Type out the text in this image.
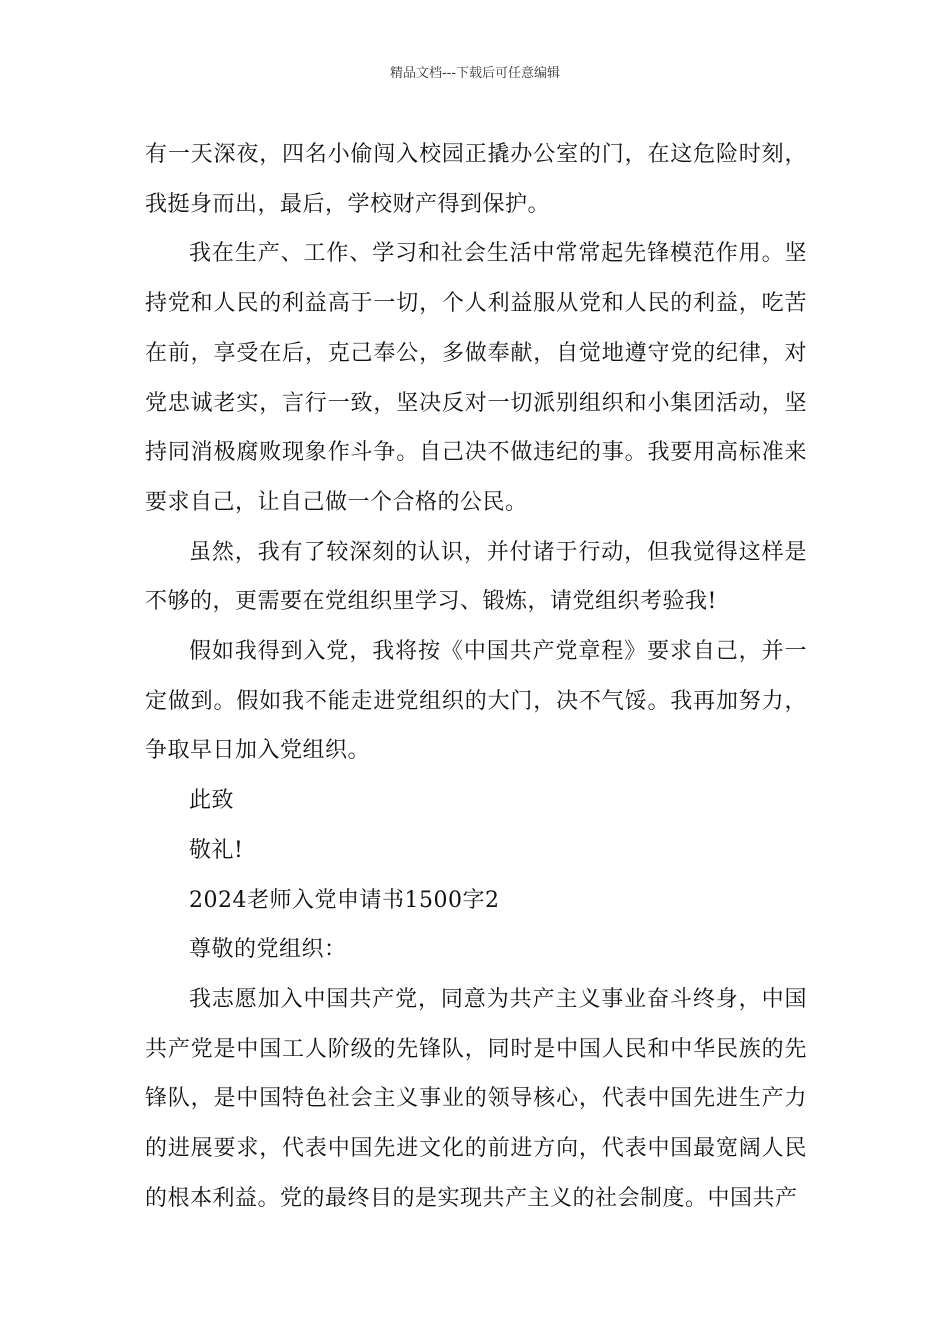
精品文档---下载后可任意编辑

有一天深夜，四名小偷闯入校园正撬办公室的门，在这危险时刻，我挺身而出，最后，学校财产得到保护。

我在生产、工作、学习和社会生活中常常起先锋模范作用。坚持党和人民的利益高于一切，个人利益服从党和人民的利益，吃苦在前，享受在后，克己奉公，多做奉献，自觉地遵守党的纪律，对党忠诚老实，言行一致，坚决反对一切派别组织和小集团活动，坚持同消极腐败现象作斗争。自己决不做违纪的事。我要用高标准来要求自己，让自己做一个合格的公民。

虽然，我有了较深刻的认识，并付诸于行动，但我觉得这样是不够的，更需要在党组织里学习、锻炼，请党组织考验我!

假如我得到入党，我将按《中国共产党章程》要求自己，并一定做到。假如我不能走进党组织的大门，决不气馁。我再加努力，争取早日加入党组织。

此致

敬礼!

2024老师入党申请书1500字2

尊敬的党组织：

我志愿加入中国共产党，同意为共产主义事业奋斗终身，中国共产党是中国工人阶级的先锋队，同时是中国人民和中华民族的先锋队，是中国特色社会主义事业的领导核心，代表中国先进生产力的进展要求，代表中国先进文化的前进方向，代表中国最宽阔人民的根本利益。党的最终目的是实现共产主义的社会制度。中国共产
